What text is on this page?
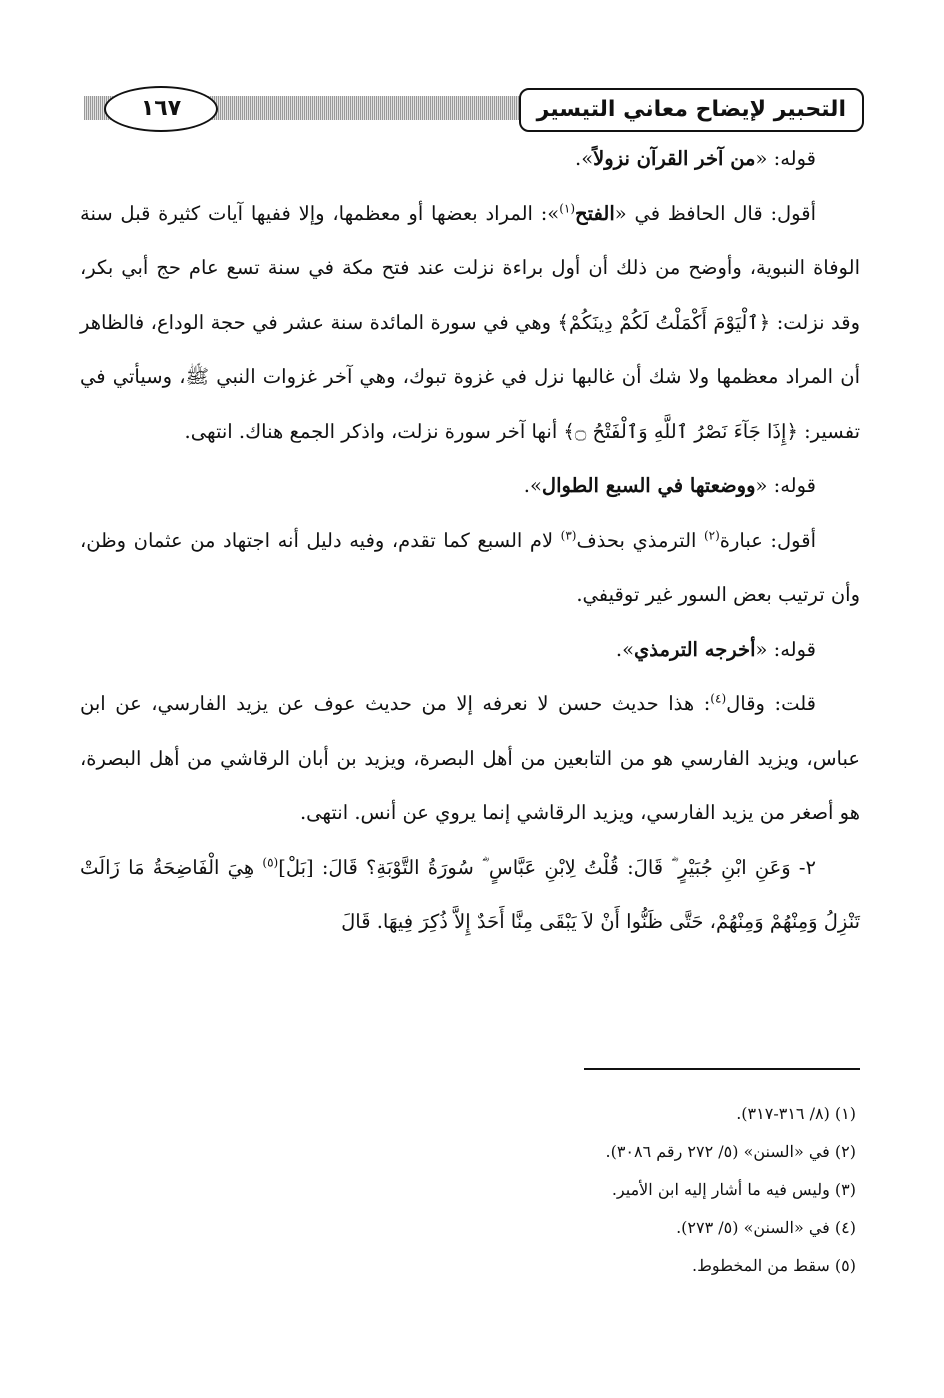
التحبير لإيضاح معاني التيسير
١٦٧

قوله: «من آخر القرآن نزولاً».

أقول: قال الحافظ في «الفتح$^{(١)}$»: المراد بعضها أو معظمها، وإلا ففيها آيات كثيرة قبل سنة الوفاة النبوية، وأوضح من ذلك أن أول براءة نزلت عند فتح مكة في سنة تسع عام حج أبي بكر، وقد نزلت: ﴿ٱلْيَوْمَ أَكْمَلْتُ لَكُمْ دِينَكُمْ﴾ وهي في سورة المائدة سنة عشر في حجة الوداع، فالظاهر أن المراد معظمها ولا شك أن غالبها نزل في غزوة تبوك، وهي آخر غزوات النبي ﷺ، وسيأتي في تفسير: ﴿إِذَا جَآءَ نَصْرُ ٱللَّهِ وَٱلْفَتْحُ ۝﴾ أنها آخر سورة نزلت، واذكر الجمع هناك. انتهى.

قوله: «ووضعتها في السبع الطوال».

أقول: عبارة$^{(٢)}$ الترمذي بحذف$^{(٣)}$ لام السبع كما تقدم، وفيه دليل أنه اجتهاد من عثمان وظن، وأن ترتيب بعض السور غير توقيفي.

قوله: «أخرجه الترمذي».

قلت: وقال$^{(٤)}$: هذا حديث حسن لا نعرفه إلا من حديث عوف عن يزيد الفارسي، عن ابن عباس، ويزيد الفارسي هو من التابعين من أهل البصرة، ويزيد بن أبان الرقاشي من أهل البصرة، هو أصغر من يزيد الفارسي، ويزيد الرقاشي إنما يروي عن أنس. انتهى.

٢- وَعَنِ ابْنِ جُبَيْرٍ ؓ قَالَ: قُلْتُ لِابْنِ عَبَّاسٍ ؓ سُورَةُ التَّوْبَةِ؟ قَالَ: [بَلْ]$^{(٥)}$ هِيَ الْفَاضِحَةُ مَا زَالَتْ تَنْزِلُ وَمِنْهُمْ وَمِنْهُمْ، حَتَّى ظَنُّوا أَنْ لاَ يَبْقَى مِنَّا أَحَدٌ إِلاَّ ذُكِرَ فِيهَا. قَالَ

(١) (٨/ ٣١٦-٣١٧).

(٢) في «السنن» (٥/ ٢٧٢ رقم ٣٠٨٦).

(٣) وليس فيه ما أشار إليه ابن الأمير.

(٤) في «السنن» (٥/ ٢٧٣).

(٥) سقط من المخطوط.
